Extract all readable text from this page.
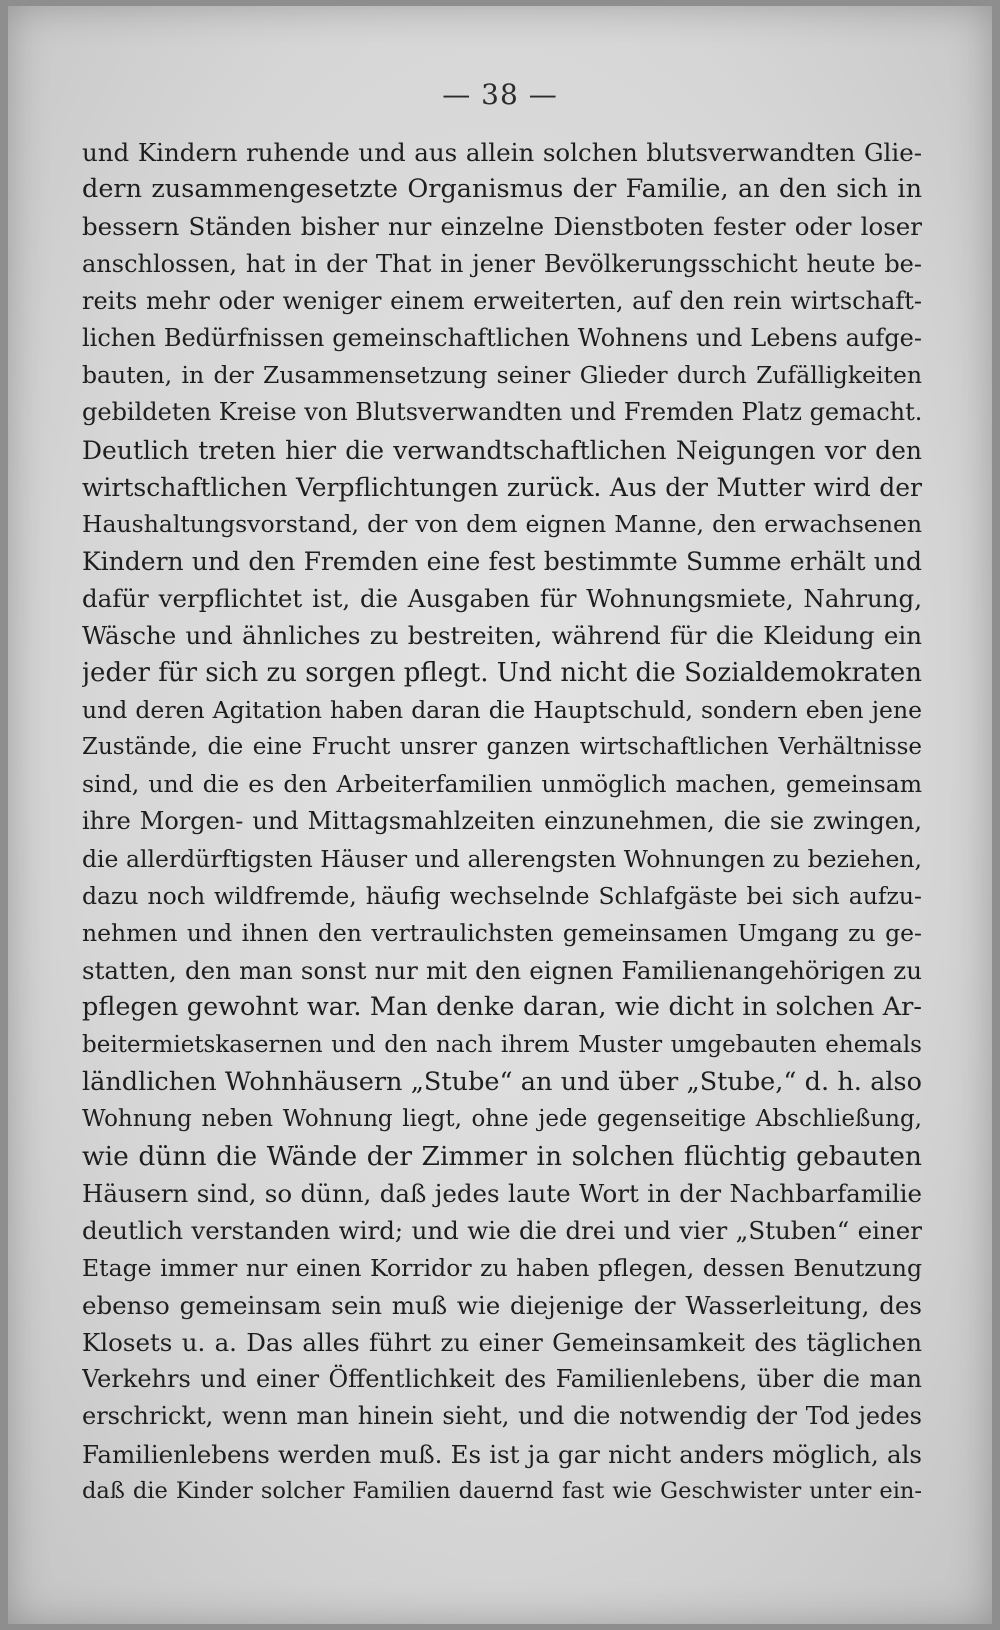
— 38 —
und Kindern ruhende und aus allein solchen blutsverwandten Glie-
dern zusammengesetzte Organismus der Familie, an den sich in
bessern Ständen bisher nur einzelne Dienstboten fester oder loser
anschlossen, hat in der That in jener Bevölkerungsschicht heute be-
reits mehr oder weniger einem erweiterten, auf den rein wirtschaft-
lichen Bedürfnissen gemeinschaftlichen Wohnens und Lebens aufge-
bauten, in der Zusammensetzung seiner Glieder durch Zufälligkeiten
gebildeten Kreise von Blutsverwandten und Fremden Platz gemacht.
Deutlich treten hier die verwandtschaftlichen Neigungen vor den
wirtschaftlichen Verpflichtungen zurück. Aus der Mutter wird der
Haushaltungsvorstand, der von dem eignen Manne, den erwachsenen
Kindern und den Fremden eine fest bestimmte Summe erhält und
dafür verpflichtet ist, die Ausgaben für Wohnungsmiete, Nahrung,
Wäsche und ähnliches zu bestreiten, während für die Kleidung ein
jeder für sich zu sorgen pflegt. Und nicht die Sozialdemokraten
und deren Agitation haben daran die Hauptschuld, sondern eben jene
Zustände, die eine Frucht unsrer ganzen wirtschaftlichen Verhältnisse
sind, und die es den Arbeiterfamilien unmöglich machen, gemeinsam
ihre Morgen- und Mittagsmahlzeiten einzunehmen, die sie zwingen,
die allerdürftigsten Häuser und allerengsten Wohnungen zu beziehen,
dazu noch wildfremde, häufig wechselnde Schlafgäste bei sich aufzu-
nehmen und ihnen den vertraulichsten gemeinsamen Umgang zu ge-
statten, den man sonst nur mit den eignen Familienangehörigen zu
pflegen gewohnt war. Man denke daran, wie dicht in solchen Ar-
beitermietskasernen und den nach ihrem Muster umgebauten ehemals
ländlichen Wohnhäusern „Stube“ an und über „Stube,“ d. h. also
Wohnung neben Wohnung liegt, ohne jede gegenseitige Abschließung,
wie dünn die Wände der Zimmer in solchen flüchtig gebauten
Häusern sind, so dünn, daß jedes laute Wort in der Nachbarfamilie
deutlich verstanden wird; und wie die drei und vier „Stuben“ einer
Etage immer nur einen Korridor zu haben pflegen, dessen Benutzung
ebenso gemeinsam sein muß wie diejenige der Wasserleitung, des
Klosets u. a. Das alles führt zu einer Gemeinsamkeit des täglichen
Verkehrs und einer Öffentlichkeit des Familienlebens, über die man
erschrickt, wenn man hinein sieht, und die notwendig der Tod jedes
Familienlebens werden muß. Es ist ja gar nicht anders möglich, als
daß die Kinder solcher Familien dauernd fast wie Geschwister unter ein-
